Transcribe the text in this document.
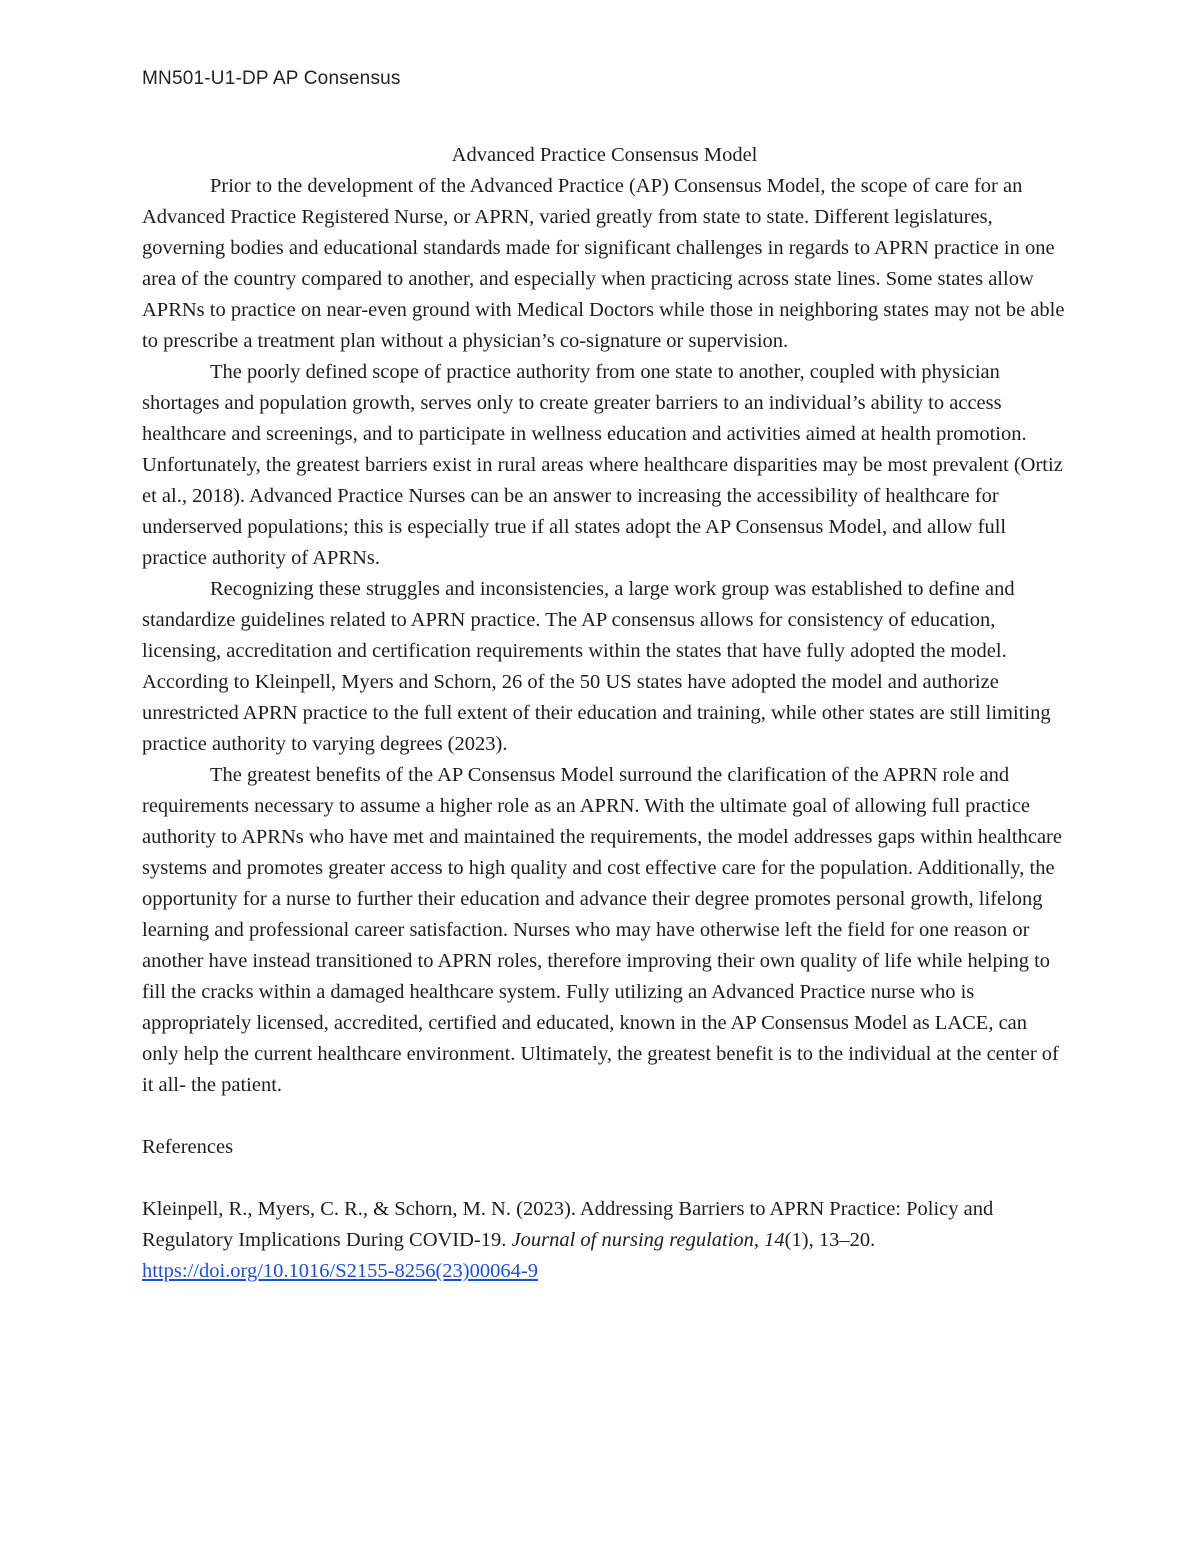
MN501-U1-DP AP Consensus
Advanced Practice Consensus Model

Prior to the development of the Advanced Practice (AP) Consensus Model, the scope of care for an Advanced Practice Registered Nurse, or APRN, varied greatly from state to state. Different legislatures, governing bodies and educational standards made for significant challenges in regards to APRN practice in one area of the country compared to another, and especially when practicing across state lines. Some states allow APRNs to practice on near-even ground with Medical Doctors while those in neighboring states may not be able to prescribe a treatment plan without a physician’s co-signature or supervision.

The poorly defined scope of practice authority from one state to another, coupled with physician shortages and population growth, serves only to create greater barriers to an individual’s ability to access healthcare and screenings, and to participate in wellness education and activities aimed at health promotion. Unfortunately, the greatest barriers exist in rural areas where healthcare disparities may be most prevalent (Ortiz et al., 2018). Advanced Practice Nurses can be an answer to increasing the accessibility of healthcare for underserved populations; this is especially true if all states adopt the AP Consensus Model, and allow full practice authority of APRNs.

Recognizing these struggles and inconsistencies, a large work group was established to define and standardize guidelines related to APRN practice. The AP consensus allows for consistency of education, licensing, accreditation and certification requirements within the states that have fully adopted the model. According to Kleinpell, Myers and Schorn, 26 of the 50 US states have adopted the model and authorize unrestricted APRN practice to the full extent of their education and training, while other states are still limiting practice authority to varying degrees (2023).

The greatest benefits of the AP Consensus Model surround the clarification of the APRN role and requirements necessary to assume a higher role as an APRN. With the ultimate goal of allowing full practice authority to APRNs who have met and maintained the requirements, the model addresses gaps within healthcare systems and promotes greater access to high quality and cost effective care for the population. Additionally, the opportunity for a nurse to further their education and advance their degree promotes personal growth, lifelong learning and professional career satisfaction. Nurses who may have otherwise left the field for one reason or another have instead transitioned to APRN roles, therefore improving their own quality of life while helping to fill the cracks within a damaged healthcare system. Fully utilizing an Advanced Practice nurse who is appropriately licensed, accredited, certified and educated, known in the AP Consensus Model as LACE, can only help the current healthcare environment. Ultimately, the greatest benefit is to the individual at the center of it all- the patient.

References

Kleinpell, R., Myers, C. R., & Schorn, M. N. (2023). Addressing Barriers to APRN Practice: Policy and Regulatory Implications During COVID-19. Journal of nursing regulation, 14(1), 13–20. https://doi.org/10.1016/S2155-8256(23)00064-9
